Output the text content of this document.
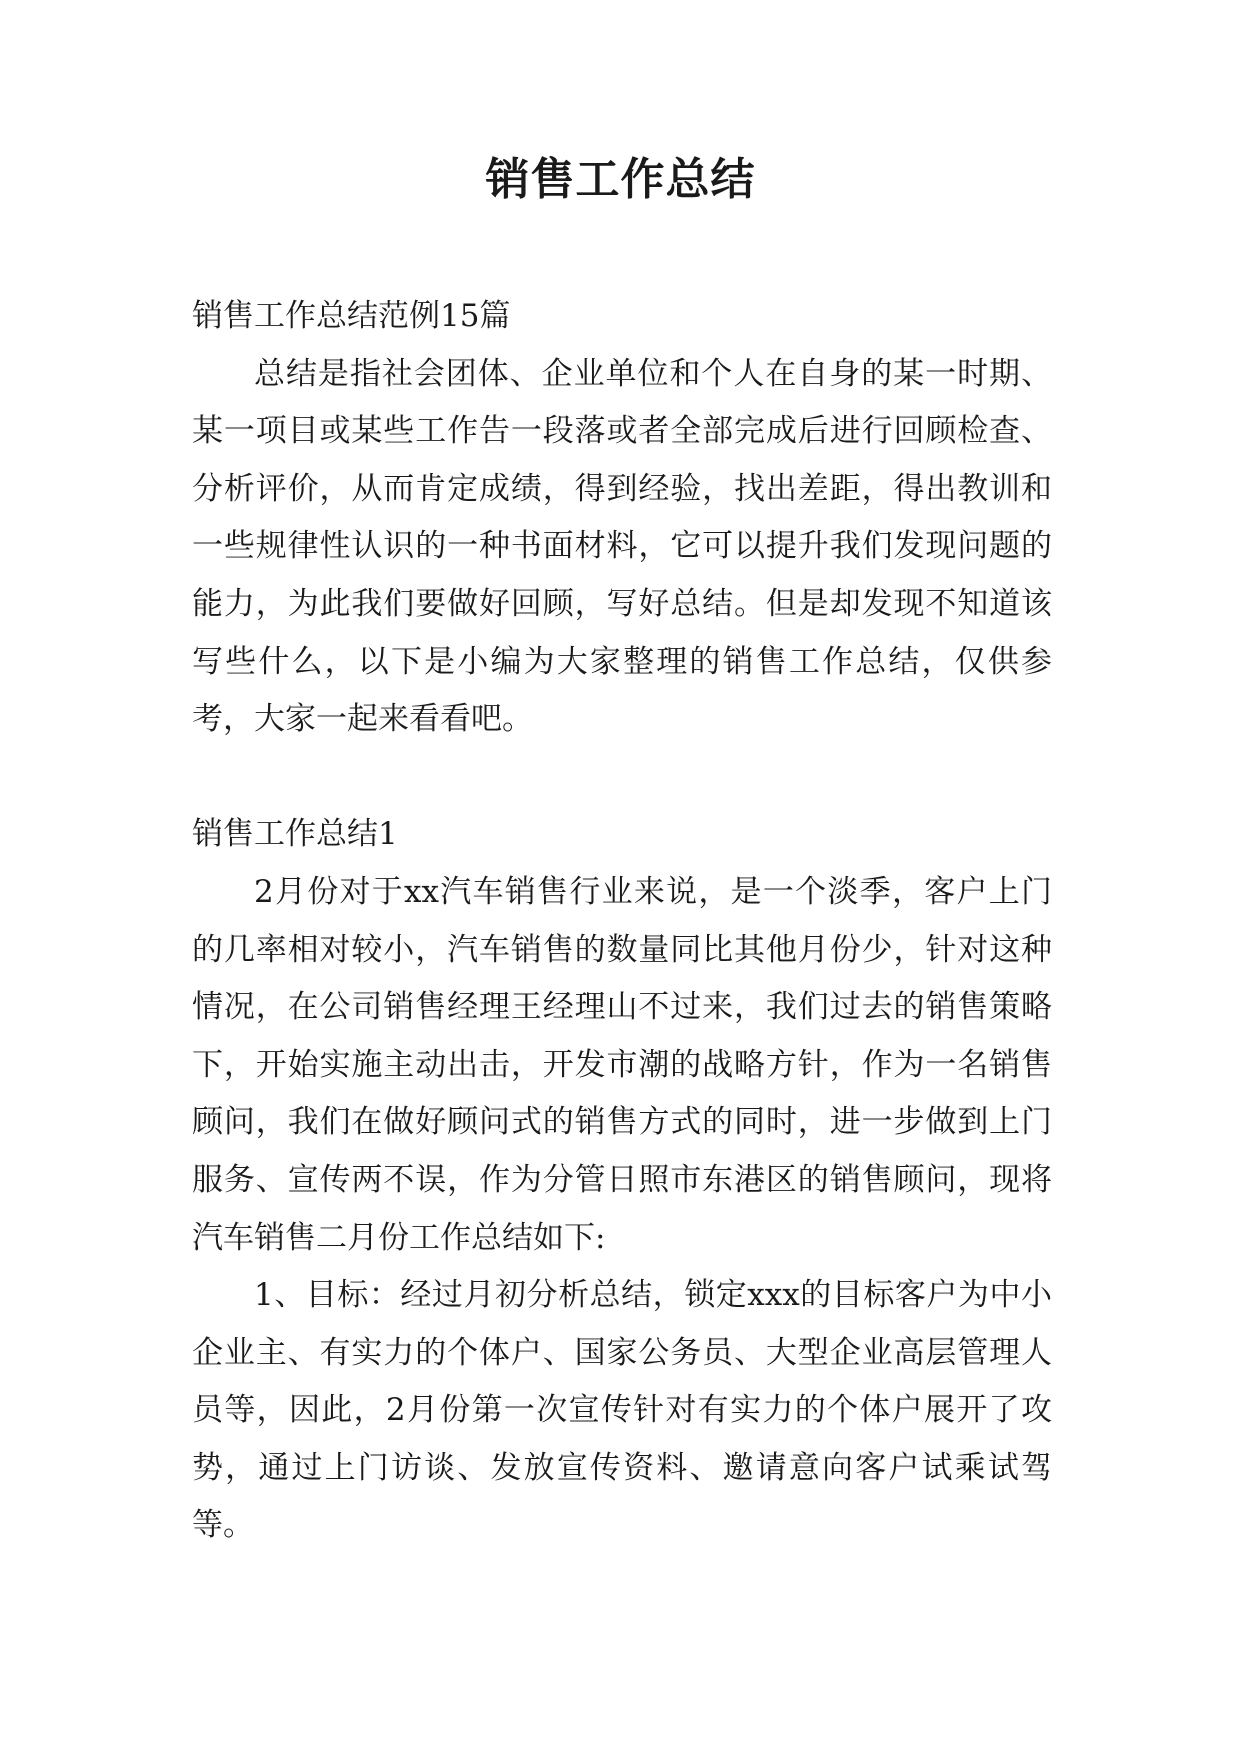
销售工作总结

销售工作总结范例15篇

总结是指社会团体、企业单位和个人在自身的某一时期、某一项目或某些工作告一段落或者全部完成后进行回顾检查、分析评价，从而肯定成绩，得到经验，找出差距，得出教训和一些规律性认识的一种书面材料，它可以提升我们发现问题的能力，为此我们要做好回顾，写好总结。但是却发现不知道该写些什么，以下是小编为大家整理的销售工作总结，仅供参考，大家一起来看看吧。

销售工作总结1

2月份对于xx汽车销售行业来说，是一个淡季，客户上门的几率相对较小，汽车销售的数量同比其他月份少，针对这种情况，在公司销售经理王经理山不过来，我们过去的销售策略下，开始实施主动出击，开发市潮的战略方针，作为一名销售顾问，我们在做好顾问式的销售方式的同时，进一步做到上门服务、宣传两不误，作为分管日照市东港区的销售顾问，现将汽车销售二月份工作总结如下:

1、目标：经过月初分析总结，锁定xxx的目标客户为中小企业主、有实力的个体户、国家公务员、大型企业高层管理人员等，因此，2月份第一次宣传针对有实力的个体户展开了攻势，通过上门访谈、发放宣传资料、邀请意向客户试乘试驾等。
